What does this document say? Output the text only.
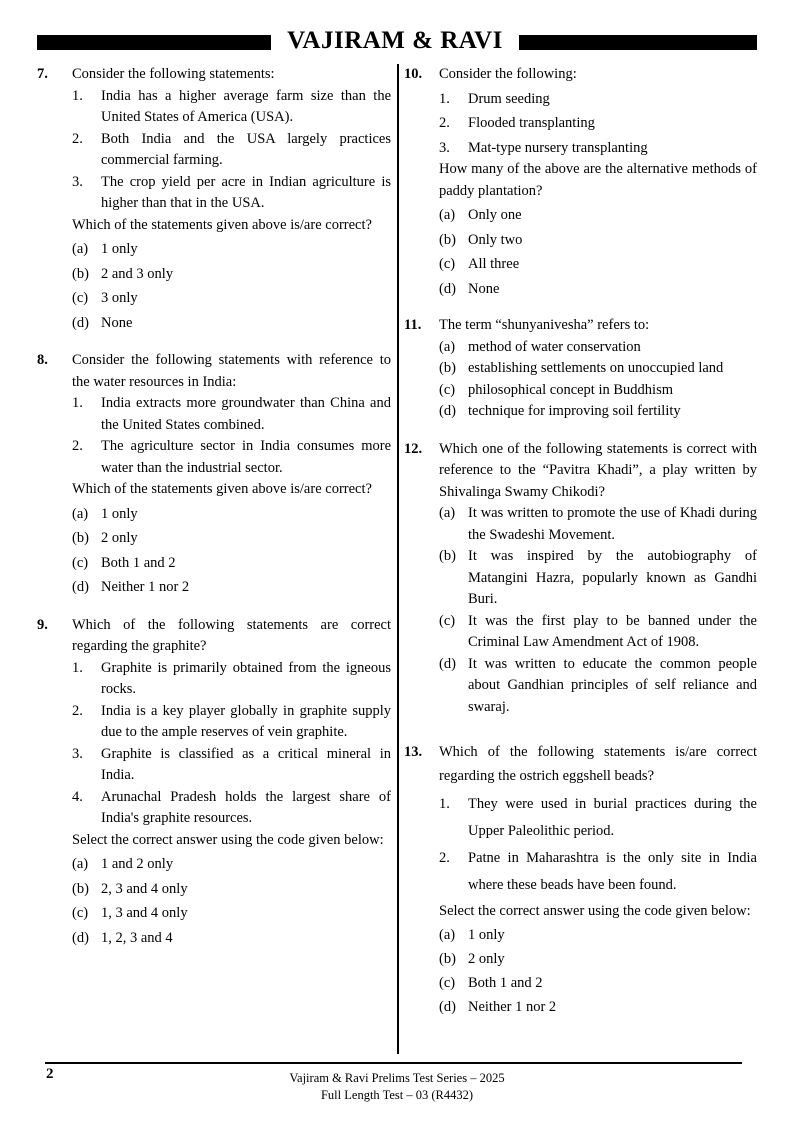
VAJIRAM & RAVI
7. Consider the following statements:
1. India has a higher average farm size than the United States of America (USA).
2. Both India and the USA largely practices commercial farming.
3. The crop yield per acre in Indian agriculture is higher than that in the USA.
Which of the statements given above is/are correct?
(a) 1 only
(b) 2 and 3 only
(c) 3 only
(d) None
8. Consider the following statements with reference to the water resources in India:
1. India extracts more groundwater than China and the United States combined.
2. The agriculture sector in India consumes more water than the industrial sector.
Which of the statements given above is/are correct?
(a) 1 only
(b) 2 only
(c) Both 1 and 2
(d) Neither 1 nor 2
9. Which of the following statements are correct regarding the graphite?
1. Graphite is primarily obtained from the igneous rocks.
2. India is a key player globally in graphite supply due to the ample reserves of vein graphite.
3. Graphite is classified as a critical mineral in India.
4. Arunachal Pradesh holds the largest share of India's graphite resources.
Select the correct answer using the code given below:
(a) 1 and 2 only
(b) 2, 3 and 4 only
(c) 1, 3 and 4 only
(d) 1, 2, 3 and 4
10. Consider the following:
1. Drum seeding
2. Flooded transplanting
3. Mat-type nursery transplanting
How many of the above are the alternative methods of paddy plantation?
(a) Only one
(b) Only two
(c) All three
(d) None
11. The term “shunyanivesha” refers to:
(a) method of water conservation
(b) establishing settlements on unoccupied land
(c) philosophical concept in Buddhism
(d) technique for improving soil fertility
12. Which one of the following statements is correct with reference to the “Pavitra Khadi”, a play written by Shivalinga Swamy Chikodi?
(a) It was written to promote the use of Khadi during the Swadeshi Movement.
(b) It was inspired by the autobiography of Matangini Hazra, popularly known as Gandhi Buri.
(c) It was the first play to be banned under the Criminal Law Amendment Act of 1908.
(d) It was written to educate the common people about Gandhian principles of self reliance and swaraj.
13. Which of the following statements is/are correct regarding the ostrich eggshell beads?
1. They were used in burial practices during the Upper Paleolithic period.
2. Patne in Maharashtra is the only site in India where these beads have been found.
Select the correct answer using the code given below:
(a) 1 only
(b) 2 only
(c) Both 1 and 2
(d) Neither 1 nor 2
2	Vajiram & Ravi Prelims Test Series – 2025
Full Length Test – 03 (R4432)
